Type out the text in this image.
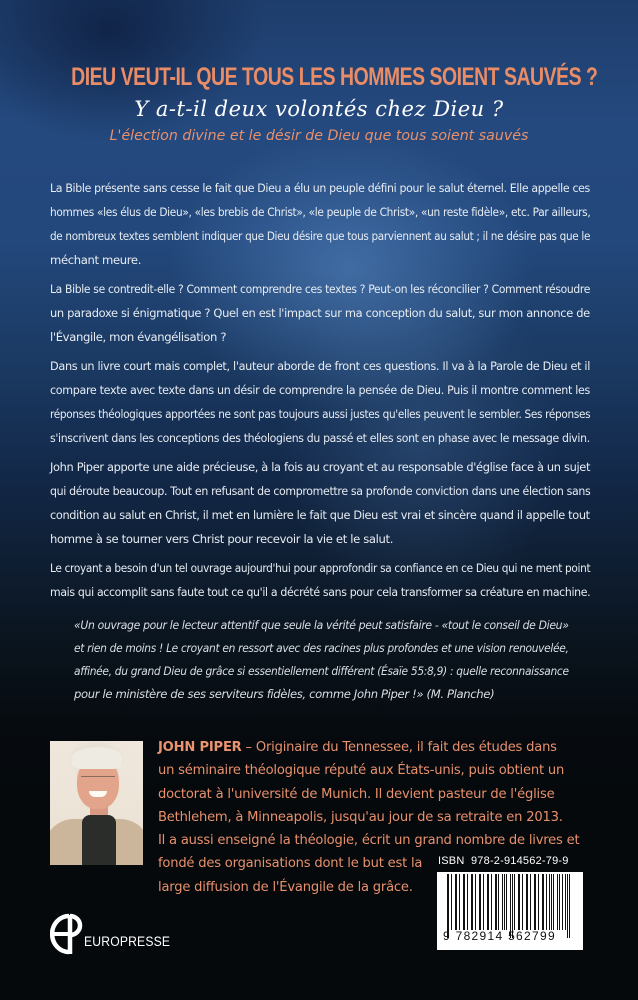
DIEU VEUT-IL QUE TOUS LES HOMMES SOIENT SAUVÉS ?
Y a-t-il deux volontés chez Dieu ?
L'élection divine et le désir de Dieu que tous soient sauvés

La Bible présente sans cesse le fait que Dieu a élu un peuple défini pour le salut éternel. Elle appelle ces
hommes «les élus de Dieu», «les brebis de Christ», «le peuple de Christ», «un reste fidèle», etc. Par ailleurs,
de nombreux textes semblent indiquer que Dieu désire que tous parviennent au salut ; il ne désire pas que le
méchant meure.

La Bible se contredit-elle ? Comment comprendre ces textes ? Peut-on les réconcilier ? Comment résoudre
un paradoxe si énigmatique ? Quel en est l'impact sur ma conception du salut, sur mon annonce de
l'Évangile, mon évangélisation ?

Dans un livre court mais complet, l'auteur aborde de front ces questions. Il va à la Parole de Dieu et il
compare texte avec texte dans un désir de comprendre la pensée de Dieu. Puis il montre comment les
réponses théologiques apportées ne sont pas toujours aussi justes qu'elles peuvent le sembler. Ses réponses
s'inscrivent dans les conceptions des théologiens du passé et elles sont en phase avec le message divin.

John Piper apporte une aide précieuse, à la fois au croyant et au responsable d'église face à un sujet
qui déroute beaucoup. Tout en refusant de compromettre sa profonde conviction dans une élection sans
condition au salut en Christ, il met en lumière le fait que Dieu est vrai et sincère quand il appelle tout
homme à se tourner vers Christ pour recevoir la vie et le salut.

Le croyant a besoin d'un tel ouvrage aujourd'hui pour approfondir sa confiance en ce Dieu qui ne ment point
mais qui accomplit sans faute tout ce qu'il a décrété sans pour cela transformer sa créature en machine.

«Un ouvrage pour le lecteur attentif que seule la vérité peut satisfaire - «tout le conseil de Dieu»
et rien de moins ! Le croyant en ressort avec des racines plus profondes et une vision renouvelée,
affinée, du grand Dieu de grâce si essentiellement différent (Ésaïe 55:8,9) : quelle reconnaissance
pour le ministère de ses serviteurs fidèles, comme John Piper !» (M. Planche)
JOHN PIPER – Originaire du Tennessee, il fait des études dans
un séminaire théologique réputé aux États-unis, puis obtient un
doctorat à l'université de Munich. Il devient pasteur de l'église
Bethlehem, à Minneapolis, jusqu'au jour de sa retraite en 2013.
Il a aussi enseigné la théologie, écrit un grand nombre de livres et
fondé des organisations dont le but est la
large diffusion de l'Évangile de la grâce.
ISBN  978-2-914562-79-9
9 782914 562799
EUROPRESSE
